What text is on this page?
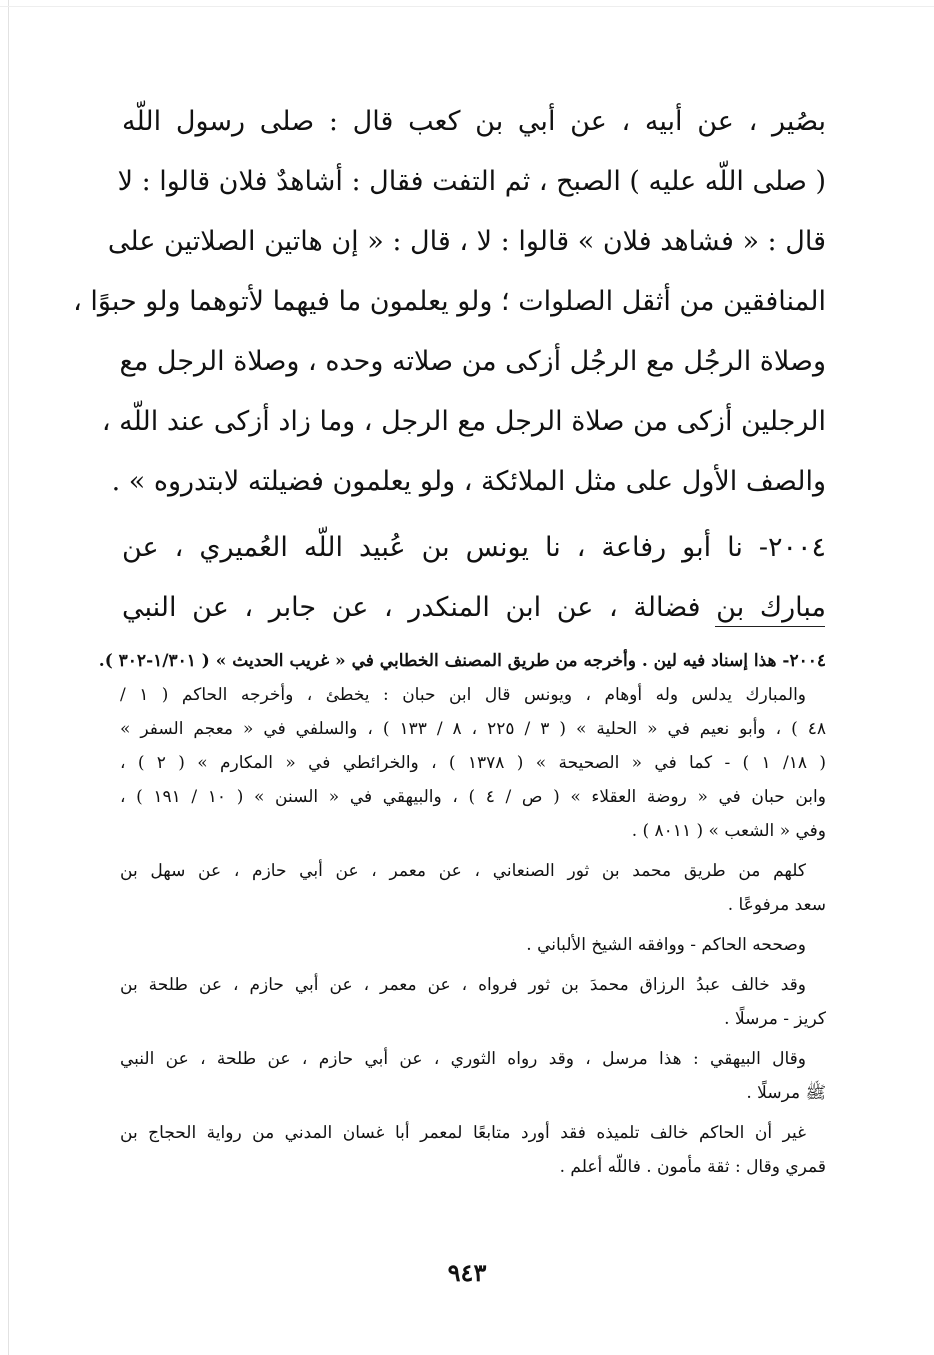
بصُير ، عن أبيه ، عن أبي بن كعب قال : صلى رسول اللّه
( صلى اللّه عليه ) الصبح ، ثم التفت فقال : أشاهدٌ فلان قالوا : لا
قال : « فشاهد فلان » قالوا : لا ، قال : « إن هاتين الصلاتين على
المنافقين من أثقل الصلوات ؛ ولو يعلمون ما فيهما لأتوهما ولو حبوًا ،
وصلاة الرجُل مع الرجُل أزكى من صلاته وحده ، وصلاة الرجل مع
الرجلين أزكى من صلاة الرجل مع الرجل ، وما زاد أزكى عند اللّه ،
والصف الأول على مثل الملائكة ، ولو يعلمون فضيلته لابتدروه » .
٢٠٠٤- نا أبو رفاعة ، نا يونس بن عُبيد اللّه العُميري ، عن
مبارك بن فضالة ، عن ابن المنكدر ، عن جابر ، عن النبي
٢٠٠٤- هذا إسناد فيه لين . وأخرجه من طريق المصنف الخطابي في « غريب الحديث » ( ١/٣٠١-٣٠٢ ).
والمبارك يدلس وله أوهام ، ويونس قال ابن حبان : يخطئ ، وأخرجه الحاكم ( ١ /
٤٨ ) ، وأبو نعيم في « الحلية » ( ٣ / ٢٢٥ ، ٨ / ١٣٣ ) ، والسلفي في « معجم السفر »
( ١٨/ ١ ) - كما في « الصحيحة » ( ١٣٧٨ ) ، والخرائطي في « المكارم » ( ٢ ) ،
وابن حبان في « روضة العقلاء » ( ص / ٤ ) ، والبيهقي في « السنن » ( ١٠ / ١٩١ ) ،
وفي « الشعب » ( ٨٠١١ ) .
كلهم من طريق محمد بن ثور الصنعاني ، عن معمر ، عن أبي حازم ، عن سهل بن
سعد مرفوعًا .
وصححه الحاكم - ووافقه الشيخ الألباني .
وقد خالف عبدُ الرزاق محمدَ بن ثور فرواه ، عن معمر ، عن أبي حازم ، عن طلحة بن
كريز - مرسلًا .
وقال البيهقي : هذا مرسل ، وقد رواه الثوري ، عن أبي حازم ، عن طلحة ، عن النبي
ﷺ مرسلًا .
غير أن الحاكم خالف تلميذه فقد أورد متابعًا لمعمر أبا غسان المدني من رواية الحجاج بن
قمري وقال : ثقة مأمون . فاللّه أعلم .
٩٤٣
